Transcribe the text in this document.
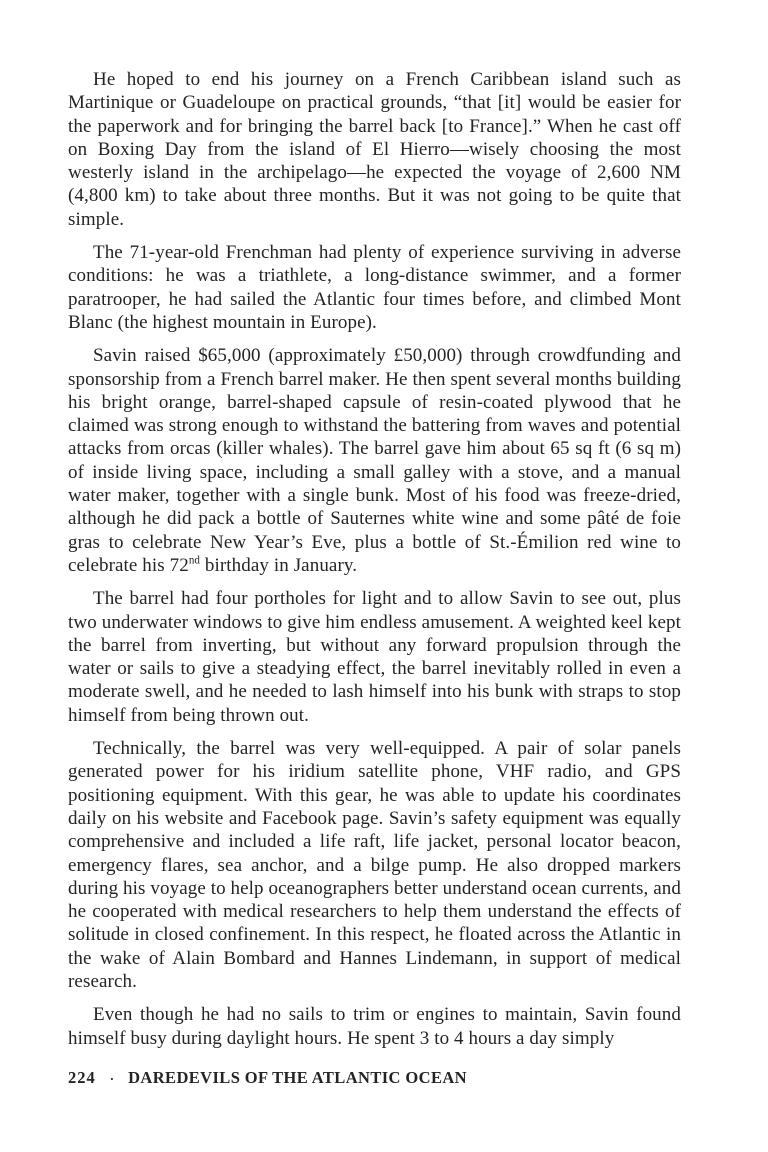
He hoped to end his journey on a French Caribbean island such as Martinique or Guadeloupe on practical grounds, “that [it] would be easier for the paperwork and for bringing the barrel back [to France].” When he cast off on Boxing Day from the island of El Hierro—wisely choosing the most westerly island in the archipelago—he expected the voyage of 2,600 NM (4,800 km) to take about three months. But it was not going to be quite that simple.

The 71-year-old Frenchman had plenty of experience surviving in adverse conditions: he was a triathlete, a long-distance swimmer, and a former paratrooper, he had sailed the Atlantic four times before, and climbed Mont Blanc (the highest mountain in Europe).

Savin raised $65,000 (approximately £50,000) through crowdfunding and sponsorship from a French barrel maker. He then spent several months building his bright orange, barrel-shaped capsule of resin-coated plywood that he claimed was strong enough to withstand the battering from waves and potential attacks from orcas (killer whales). The barrel gave him about 65 sq ft (6 sq m) of inside living space, including a small galley with a stove, and a manual water maker, together with a single bunk. Most of his food was freeze-dried, although he did pack a bottle of Sauternes white wine and some pâté de foie gras to celebrate New Year’s Eve, plus a bottle of St.-Émilion red wine to celebrate his 72nd birthday in January.

The barrel had four portholes for light and to allow Savin to see out, plus two underwater windows to give him endless amusement. A weighted keel kept the barrel from inverting, but without any forward propulsion through the water or sails to give a steadying effect, the barrel inevitably rolled in even a moderate swell, and he needed to lash himself into his bunk with straps to stop himself from being thrown out.

Technically, the barrel was very well-equipped. A pair of solar panels generated power for his iridium satellite phone, VHF radio, and GPS positioning equipment. With this gear, he was able to update his coordinates daily on his website and Facebook page. Savin’s safety equipment was equally comprehensive and included a life raft, life jacket, personal locator beacon, emergency flares, sea anchor, and a bilge pump. He also dropped markers during his voyage to help oceanographers better understand ocean currents, and he cooperated with medical researchers to help them understand the effects of solitude in closed confinement. In this respect, he floated across the Atlantic in the wake of Alain Bombard and Hannes Lindemann, in support of medical research.

Even though he had no sails to trim or engines to maintain, Savin found himself busy during daylight hours. He spent 3 to 4 hours a day simply

224 · DAREDEVILS OF THE ATLANTIC OCEAN
